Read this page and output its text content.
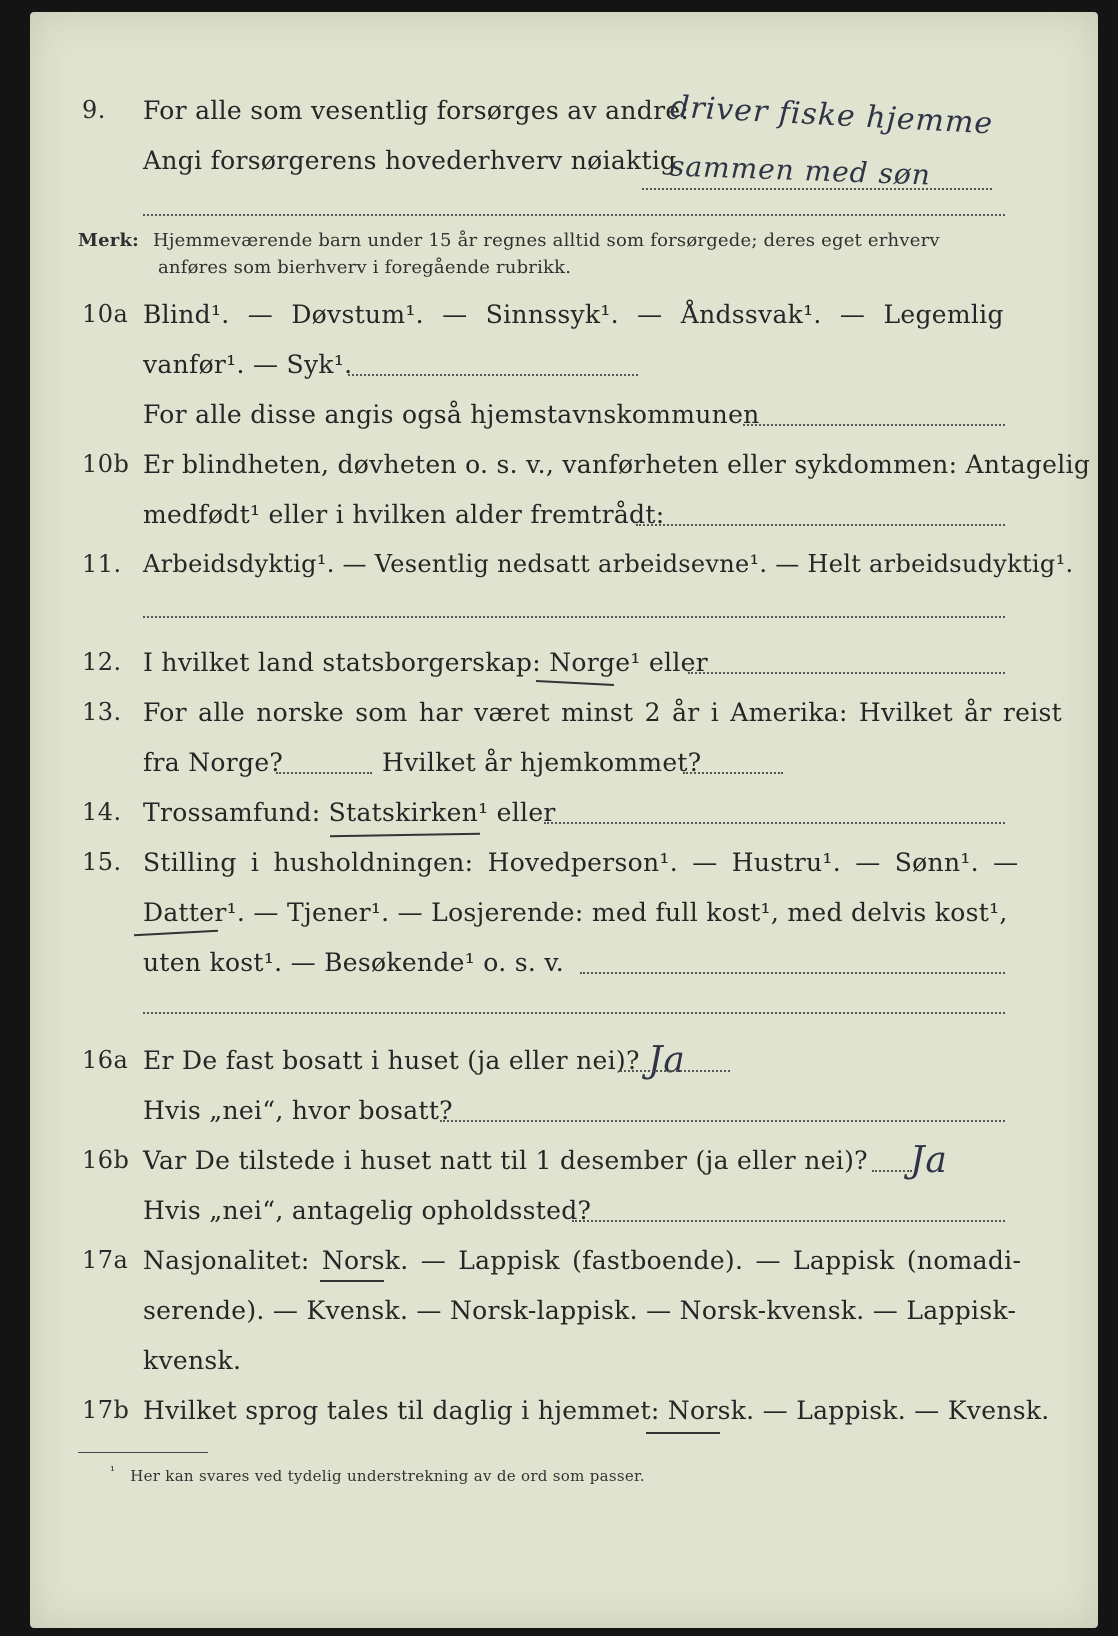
9. For alle som vesentlig forsørges av andre:
driver fiske hjemme
Angi forsørgerens hovederhverv nøiaktig
sammen med søn
Merk: Hjemmeværende barn under 15 år regnes alltid som forsørgede; deres eget erhverv
anføres som bierhverv i foregående rubrikk.
10a Blind¹. — Døvstum¹. — Sinnssyk¹. — Åndssvak¹. — Legemlig
vanfør¹. — Syk¹.
For alle disse angis også hjemstavnskommunen
10b Er blindheten, døvheten o. s. v., vanførheten eller sykdommen: Antagelig
medfødt¹ eller i hvilken alder fremtrådt:
11. Arbeidsdyktig¹. — Vesentlig nedsatt arbeidsevne¹. — Helt arbeidsudyktig¹.
12. I hvilket land statsborgerskap: Norge¹ eller
13. For alle norske som har været minst 2 år i Amerika: Hvilket år reist
fra Norge?	Hvilket år hjemkommet?
14. Trossamfund: Statskirken¹ eller
15. Stilling i husholdningen: Hovedperson¹. — Hustru¹. — Sønn¹. —
Datter¹. — Tjener¹. — Losjerende: med full kost¹, med delvis kost¹,
uten kost¹. — Besøkende¹ o. s. v.
16a Er De fast bosatt i huset (ja eller nei)? Ja
Hvis „nei“, hvor bosatt?
16b Var De tilstede i huset natt til 1 desember (ja eller nei)? Ja
Hvis „nei“, antagelig opholdssted?
17a Nasjonalitet: Norsk. — Lappisk (fastboende). — Lappisk (nomadi-
serende). — Kvensk. — Norsk-lappisk. — Norsk-kvensk. — Lappisk-
kvensk.
17b Hvilket sprog tales til daglig i hjemmet: Norsk. — Lappisk. — Kvensk.
$^{^1}$ Her kan svares ved tydelig understrekning av de ord som passer.
